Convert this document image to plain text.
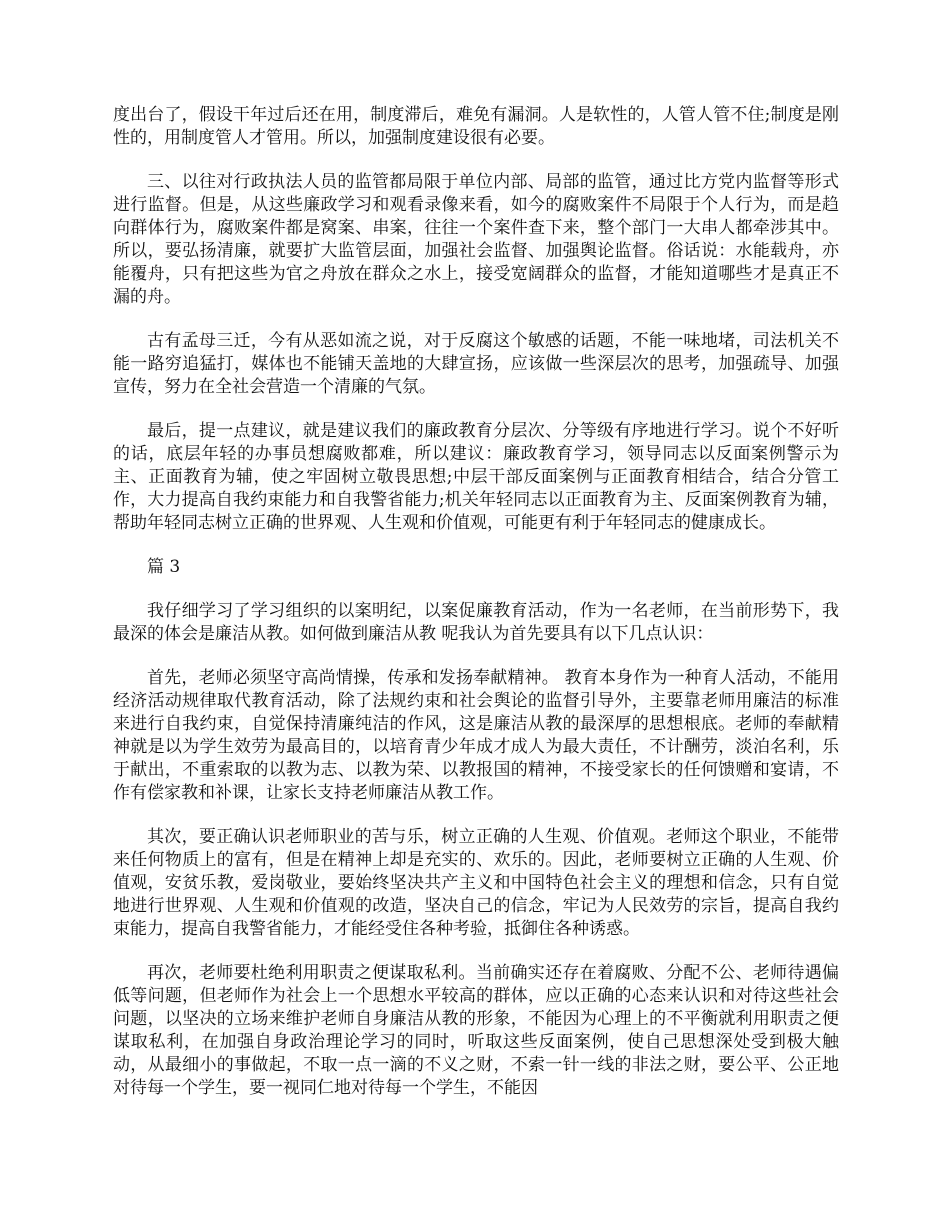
度出台了，假设干年过后还在用，制度滞后，难免有漏洞。人是软性的，人管人管不住;制度是刚性的，用制度管人才管用。所以，加强制度建设很有必要。

三、以往对行政执法人员的监管都局限于单位内部、局部的监管，通过比方党内监督等形式进行监督。但是，从这些廉政学习和观看录像来看，如今的腐败案件不局限于个人行为，而是趋向群体行为，腐败案件都是窝案、串案，往往一个案件查下来，整个部门一大串人都牵涉其中。所以，要弘扬清廉，就要扩大监管层面，加强社会监督、加强舆论监督。俗话说：水能载舟，亦能覆舟，只有把这些为官之舟放在群众之水上，接受宽阔群众的监督，才能知道哪些才是真正不漏的舟。

古有孟母三迁，今有从恶如流之说，对于反腐这个敏感的话题，不能一味地堵，司法机关不能一路穷追猛打，媒体也不能铺天盖地的大肆宣扬，应该做一些深层次的思考，加强疏导、加强宣传，努力在全社会营造一个清廉的气氛。

最后，提一点建议，就是建议我们的廉政教育分层次、分等级有序地进行学习。说个不好听的话，底层年轻的办事员想腐败都难，所以建议：廉政教育学习，领导同志以反面案例警示为主、正面教育为辅，使之牢固树立敬畏思想;中层干部反面案例与正面教育相结合，结合分管工作，大力提高自我约束能力和自我警省能力;机关年轻同志以正面教育为主、反面案例教育为辅，帮助年轻同志树立正确的世界观、人生观和价值观，可能更有利于年轻同志的健康成长。

篇 3

我仔细学习了学习组织的以案明纪，以案促廉教育活动，作为一名老师，在当前形势下，我最深的体会是廉洁从教。如何做到廉洁从教 呢我认为首先要具有以下几点认识：

首先，老师必须坚守高尚情操，传承和发扬奉献精神。 教育本身作为一种育人活动，不能用经济活动规律取代教育活动，除了法规约束和社会舆论的监督引导外，主要靠老师用廉洁的标准来进行自我约束，自觉保持清廉纯洁的作风，这是廉洁从教的最深厚的思想根底。老师的奉献精神就是以为学生效劳为最高目的，以培育青少年成才成人为最大责任，不计酬劳，淡泊名利，乐于献出，不重索取的以教为志、以教为荣、以教报国的精神，不接受家长的任何馈赠和宴请，不作有偿家教和补课，让家长支持老师廉洁从教工作。

其次，要正确认识老师职业的苦与乐，树立正确的人生观、价值观。老师这个职业，不能带来任何物质上的富有，但是在精神上却是充实的、欢乐的。因此，老师要树立正确的人生观、价值观，安贫乐教，爱岗敬业，要始终坚决共产主义和中国特色社会主义的理想和信念，只有自觉地进行世界观、人生观和价值观的改造，坚决自己的信念，牢记为人民效劳的宗旨，提高自我约束能力，提高自我警省能力，才能经受住各种考验，抵御住各种诱惑。

再次，老师要杜绝利用职责之便谋取私利。当前确实还存在着腐败、分配不公、老师待遇偏低等问题，但老师作为社会上一个思想水平较高的群体，应以正确的心态来认识和对待这些社会问题，以坚决的立场来维护老师自身廉洁从教的形象，不能因为心理上的不平衡就利用职责之便谋取私利，在加强自身政治理论学习的同时，听取这些反面案例，使自己思想深处受到极大触动，从最细小的事做起，不取一点一滴的不义之财，不索一针一线的非法之财，要公平、公正地对待每一个学生，要一视同仁地对待每一个学生，不能因
